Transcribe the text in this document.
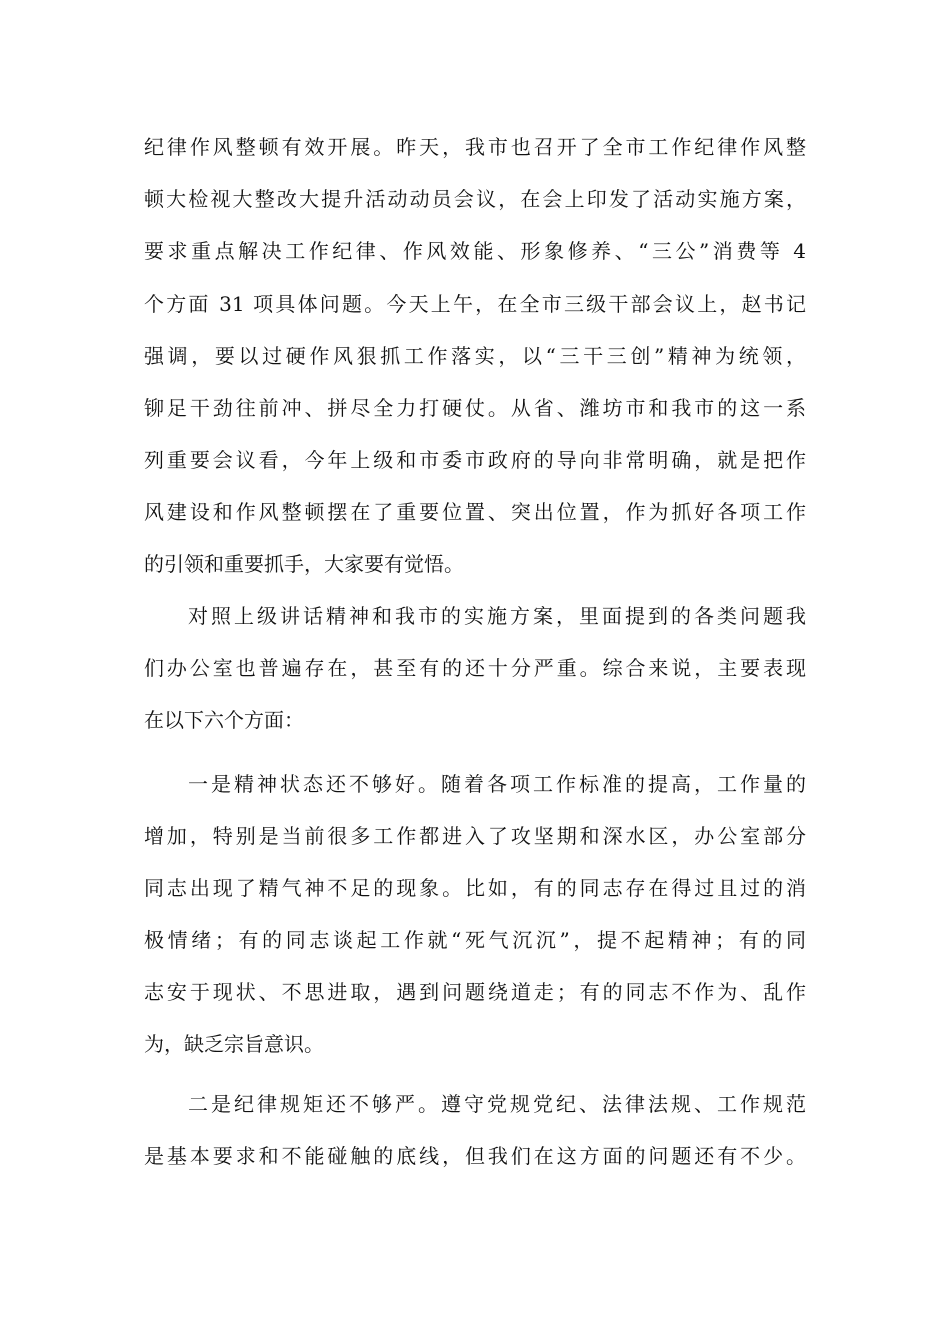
纪律作风整顿有效开展。昨天，我市也召开了全市工作纪律作风整
顿大检视大整改大提升活动动员会议，在会上印发了活动实施方案，
要求重点解决工作纪律、作风效能、形象修养、“三公”消费等 4
个方面 31 项具体问题。今天上午，在全市三级干部会议上，赵书记
强调，要以过硬作风狠抓工作落实，以“三干三创”精神为统领，
铆足干劲往前冲、拼尽全力打硬仗。从省、潍坊市和我市的这一系
列重要会议看，今年上级和市委市政府的导向非常明确，就是把作
风建设和作风整顿摆在了重要位置、突出位置，作为抓好各项工作
的引领和重要抓手，大家要有觉悟。
对照上级讲话精神和我市的实施方案，里面提到的各类问题我
们办公室也普遍存在，甚至有的还十分严重。综合来说，主要表现
在以下六个方面：
一是精神状态还不够好。随着各项工作标准的提高，工作量的
增加，特别是当前很多工作都进入了攻坚期和深水区，办公室部分
同志出现了精气神不足的现象。比如，有的同志存在得过且过的消
极情绪；有的同志谈起工作就“死气沉沉”，提不起精神；有的同
志安于现状、不思进取，遇到问题绕道走；有的同志不作为、乱作
为，缺乏宗旨意识。
二是纪律规矩还不够严。遵守党规党纪、法律法规、工作规范
是基本要求和不能碰触的底线，但我们在这方面的问题还有不少。
